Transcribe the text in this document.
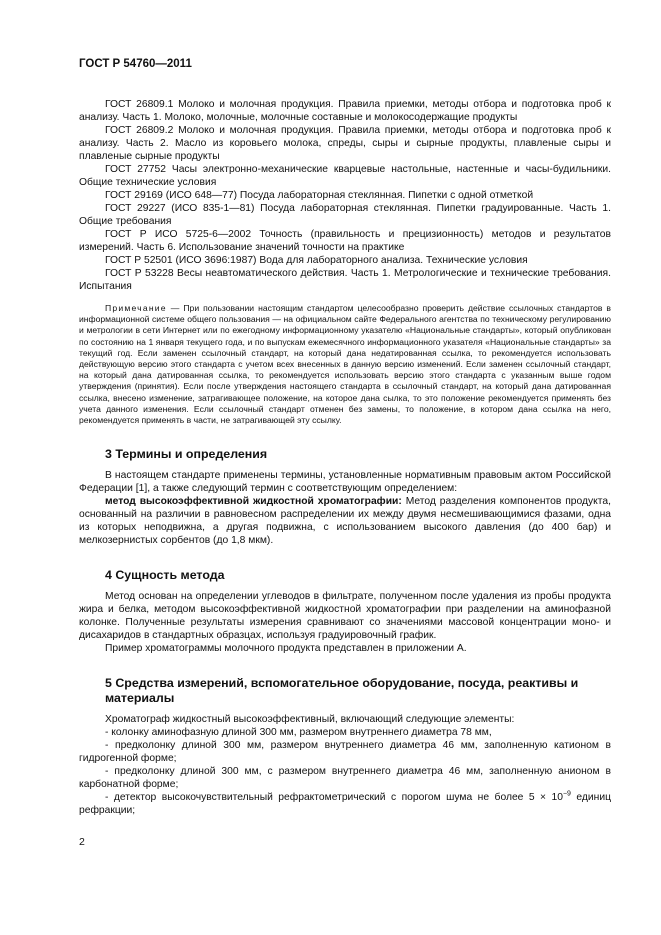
ГОСТ Р 54760—2011

ГОСТ 26809.1 Молоко и молочная продукция. Правила приемки, методы отбора и подготовка проб к анализу. Часть 1. Молоко, молочные, молочные составные и молокосодержащие продукты

ГОСТ 26809.2 Молоко и молочная продукция. Правила приемки, методы отбора и подготовка проб к анализу. Часть 2. Масло из коровьего молока, спреды, сыры и сырные продукты, плавленые сыры и плавленые сырные продукты

ГОСТ 27752 Часы электронно-механические кварцевые настольные, настенные и часы-будильники. Общие технические условия

ГОСТ 29169 (ИСО 648—77) Посуда лабораторная стеклянная. Пипетки с одной отметкой

ГОСТ 29227 (ИСО 835-1—81) Посуда лабораторная стеклянная. Пипетки градуированные. Часть 1. Общие требования

ГОСТ Р ИСО 5725-6—2002 Точность (правильность и прецизионность) методов и результатов измерений. Часть 6. Использование значений точности на практике

ГОСТ Р 52501 (ИСО 3696:1987) Вода для лабораторного анализа. Технические условия

ГОСТ Р 53228 Весы неавтоматического действия. Часть 1. Метрологические и технические требования. Испытания

Примечание — При пользовании настоящим стандартом целесообразно проверить действие ссылочных стандартов в информационной системе общего пользования — на официальном сайте Федерального агентства по техническому регулированию и метрологии в сети Интернет или по ежегодному информационному указателю «Национальные стандарты», который опубликован по состоянию на 1 января текущего года, и по выпускам ежемесячного информационного указателя «Национальные стандарты» за текущий год. Если заменен ссылочный стандарт, на который дана недатированная ссылка, то рекомендуется использовать действующую версию этого стандарта с учетом всех внесенных в данную версию изменений. Если заменен ссылочный стандарт, на который дана датированная ссылка, то рекомендуется использовать версию этого стандарта с указанным выше годом утверждения (принятия). Если после утверждения настоящего стандарта в ссылочный стандарт, на который дана датированная ссылка, внесено изменение, затрагивающее положение, на которое дана сылка, то это положение рекомендуется применять без учета данного изменения. Если ссылочный стандарт отменен без замены, то положение, в котором дана ссылка на него, рекомендуется применять в части, не затрагивающей эту ссылку.

3 Термины и определения

В настоящем стандарте применены термины, установленные нормативным правовым актом Российской Федерации [1], а также следующий термин с соответствующим определением:

метод высокоэффективной жидкостной хроматографии: Метод разделения компонентов продукта, основанный на различии в равновесном распределении их между двумя несмешивающимися фазами, одна из которых неподвижна, а другая подвижна, с использованием высокого давления (до 400 бар) и мелкозернистых сорбентов (до 1,8 мкм).

4 Сущность метода

Метод основан на определении углеводов в фильтрате, полученном после удаления из пробы продукта жира и белка, методом высокоэффективной жидкостной хроматографии при разделении на аминофазной колонке. Полученные результаты измерения сравнивают со значениями массовой концентрации моно- и дисахаридов в стандартных образцах, используя градуировочный график.

Пример хроматограммы молочного продукта представлен в приложении А.

5 Средства измерений, вспомогательное оборудование, посуда, реактивы и материалы

Хроматограф жидкостный высокоэффективный, включающий следующие элементы:

- колонку аминофазную длиной 300 мм, размером внутреннего диаметра 78 мм,

- предколонку длиной 300 мм, размером внутреннего диаметра 46 мм, заполненную катионом в гидрогенной форме;

- предколонку длиной 300 мм, с размером внутреннего диаметра 46 мм, заполненную анионом в карбонатной форме;

- детектор высокочувствительный рефрактометрический с порогом шума не более $5 \times 10^{-9}$ единиц рефракции;

2
